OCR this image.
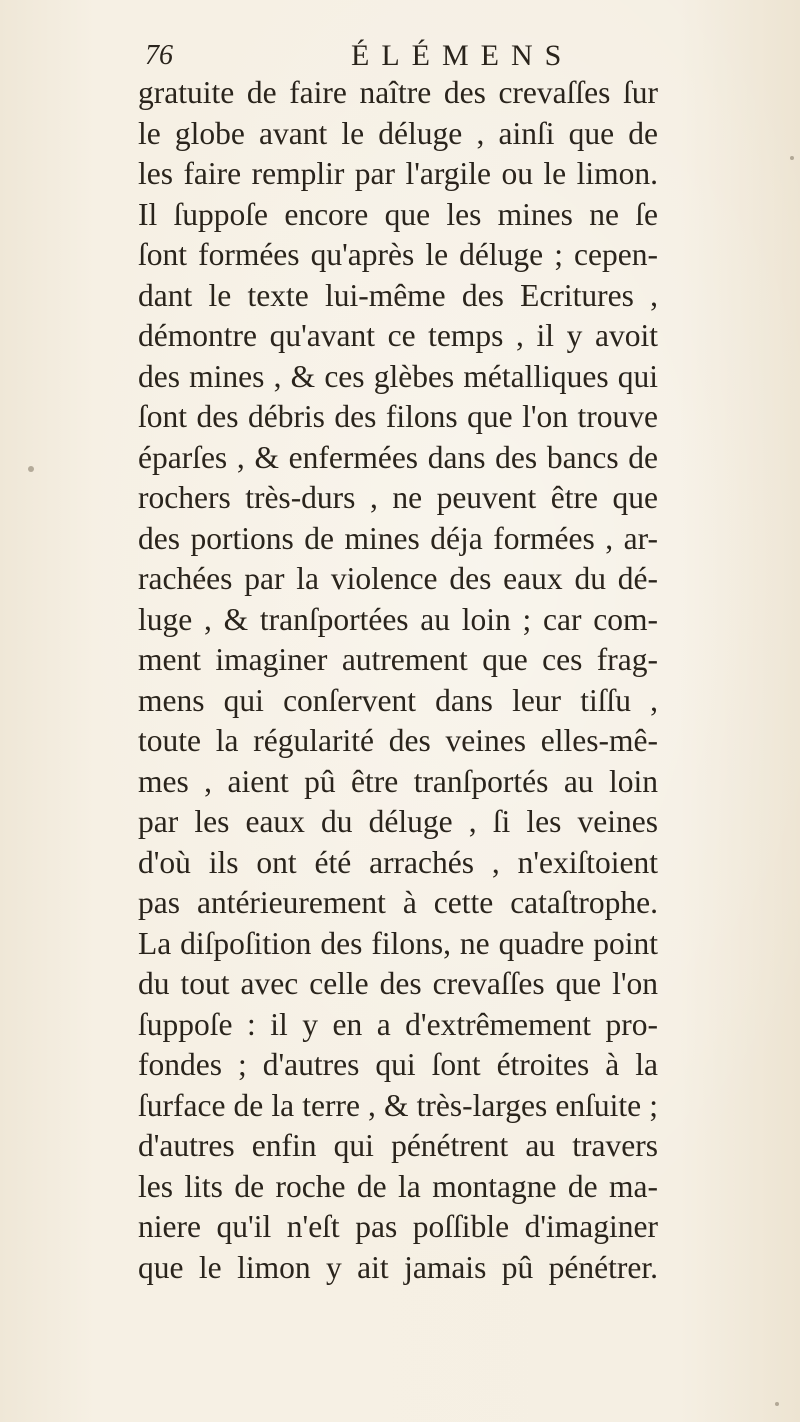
76	ÉLÉMENS
gratuite de faire naître des crevaſſes ſur
le globe avant le déluge , ainſi que de
les faire remplir par l'argile ou le limon.
Il ſuppoſe encore que les mines ne ſe
ſont formées qu'après le déluge ; cepen-
dant le texte lui-même des Ecritures ,
démontre qu'avant ce temps , il y avoit
des mines , & ces glèbes métalliques qui
ſont des débris des filons que l'on trouve
éparſes , & enfermées dans des bancs de
rochers très-durs , ne peuvent être que
des portions de mines déja formées , ar-
rachées par la violence des eaux du dé-
luge , & tranſportées au loin ; car com-
ment imaginer autrement que ces frag-
mens qui conſervent dans leur tiſſu ,
toute la régularité des veines elles-mê-
mes , aient pû être tranſportés au loin
par les eaux du déluge , ſi les veines
d'où ils ont été arrachés , n'exiſtoient
pas antérieurement à cette cataſtrophe.
La diſpoſition des filons, ne quadre point
du tout avec celle des crevaſſes que l'on
ſuppoſe : il y en a d'extrêmement pro-
fondes ; d'autres qui ſont étroites à la
ſurface de la terre , & très-larges enſuite ;
d'autres enfin qui pénétrent au travers
les lits de roche de la montagne de ma-
niere qu'il n'eſt pas poſſible d'imaginer
que le limon y ait jamais pû pénétrer.
